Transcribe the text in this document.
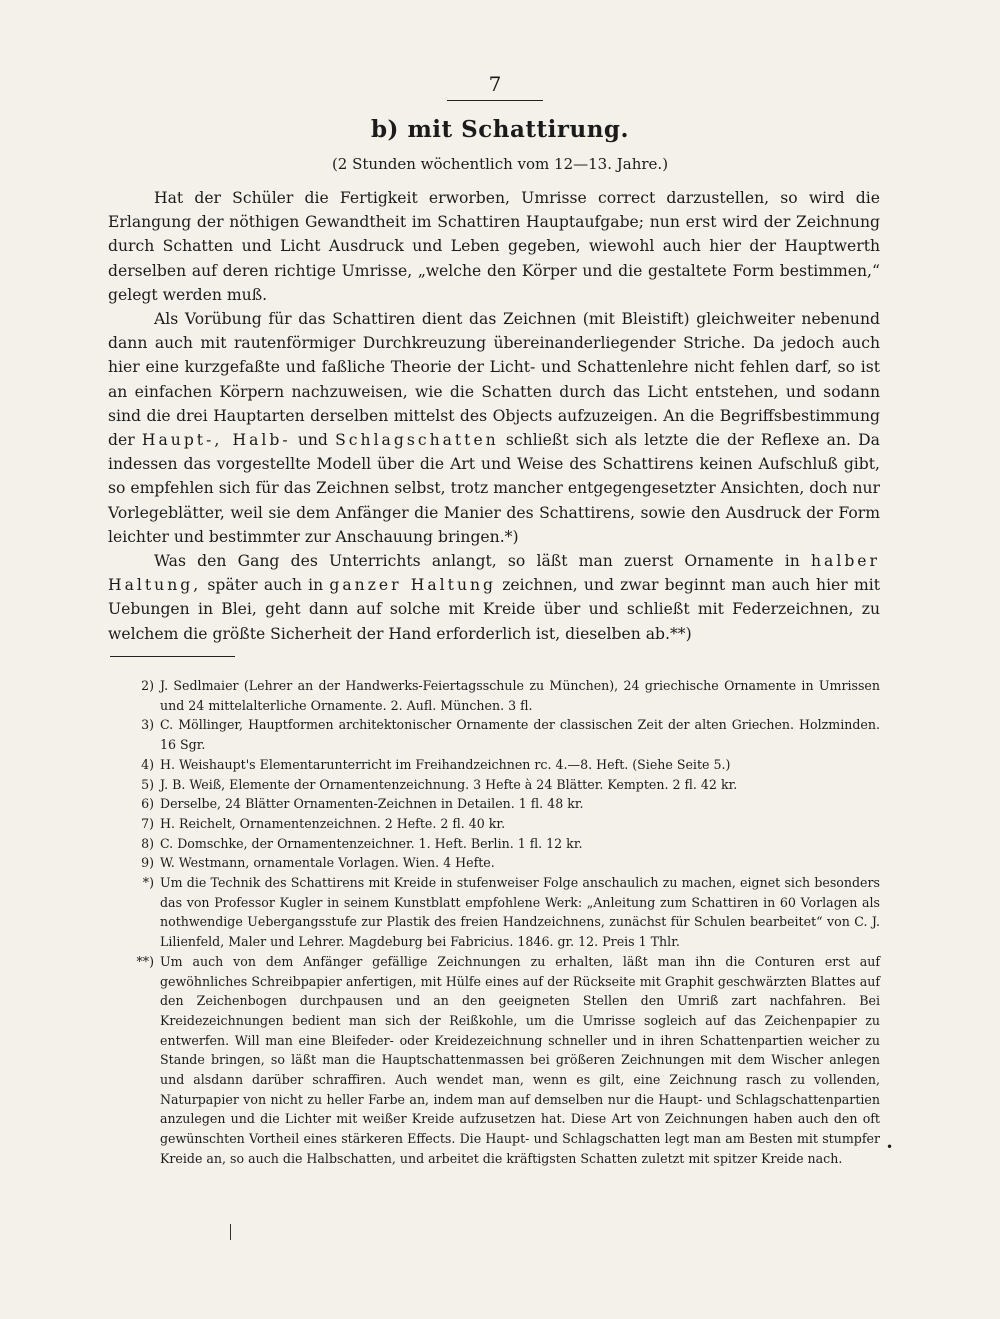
7
b) mit Schattirung.
(2 Stunden wöchentlich vom 12—13. Jahre.)

Hat der Schüler die Fertigkeit erworben, Umrisse correct darzustellen, so wird die Erlangung der nöthigen Gewandtheit im Schattiren Hauptaufgabe; nun erst wird der Zeichnung durch Schatten und Licht Ausdruck und Leben gegeben, wiewohl auch hier der Hauptwerth derselben auf deren richtige Umrisse, „welche den Körper und die gestaltete Form bestimmen,“ gelegt werden muß.

Als Vorübung für das Schattiren dient das Zeichnen (mit Bleistift) gleichweiter nebenund dann auch mit rautenförmiger Durchkreuzung übereinanderliegender Striche. Da jedoch auch hier eine kurzgefaßte und faßliche Theorie der Licht- und Schattenlehre nicht fehlen darf, so ist an einfachen Körpern nachzuweisen, wie die Schatten durch das Licht entstehen, und sodann sind die drei Hauptarten derselben mittelst des Objects aufzuzeigen. An die Begriffsbestimmung der Haupt-, Halb- und Schlagschatten schließt sich als letzte die der Reflexe an. Da indessen das vorgestellte Modell über die Art und Weise des Schattirens keinen Aufschluß gibt, so empfehlen sich für das Zeichnen selbst, trotz mancher entgegengesetzter Ansichten, doch nur Vorlegeblätter, weil sie dem Anfänger die Manier des Schattirens, sowie den Ausdruck der Form leichter und bestimmter zur Anschauung bringen.*)

Was den Gang des Unterrichts anlangt, so läßt man zuerst Ornamente in halber Haltung, später auch in ganzer Haltung zeichnen, und zwar beginnt man auch hier mit Uebungen in Blei, geht dann auf solche mit Kreide über und schließt mit Federzeichnen, zu welchem die größte Sicherheit der Hand erforderlich ist, dieselben ab.**)

2) J. Sedlmaier (Lehrer an der Handwerks-Feiertagsschule zu München), 24 griechische Ornamente in Umrissen und 24 mittelalterliche Ornamente. 2. Aufl. München. 3 fl.
3) C. Möllinger, Hauptformen architektonischer Ornamente der classischen Zeit der alten Griechen. Holzminden. 16 Sgr.
4) H. Weishaupt's Elementarunterricht im Freihandzeichnen rc. 4.—8. Heft. (Siehe Seite 5.)
5) J. B. Weiß, Elemente der Ornamentenzeichnung. 3 Hefte à 24 Blätter. Kempten. 2 fl. 42 kr.
6) Derselbe, 24 Blätter Ornamenten-Zeichnen in Detailen. 1 fl. 48 kr.
7) H. Reichelt, Ornamentenzeichnen. 2 Hefte. 2 fl. 40 kr.
8) C. Domschke, der Ornamentenzeichner. 1. Heft. Berlin. 1 fl. 12 kr.
9) W. Westmann, ornamentale Vorlagen. Wien. 4 Hefte.
*) Um die Technik des Schattirens mit Kreide in stufenweiser Folge anschaulich zu machen, eignet sich besonders das von Professor Kugler in seinem Kunstblatt empfohlene Werk: „Anleitung zum Schattiren in 60 Vorlagen als nothwendige Uebergangsstufe zur Plastik des freien Handzeichnens, zunächst für Schulen bearbeitet“ von C. J. Lilienfeld, Maler und Lehrer. Magdeburg bei Fabricius. 1846. gr. 12. Preis 1 Thlr.
**) Um auch von dem Anfänger gefällige Zeichnungen zu erhalten, läßt man ihn die Conturen erst auf gewöhnliches Schreibpapier anfertigen, mit Hülfe eines auf der Rückseite mit Graphit geschwärzten Blattes auf den Zeichenbogen durchpausen und an den geeigneten Stellen den Umriß zart nachfahren. Bei Kreidezeichnungen bedient man sich der Reißkohle, um die Umrisse sogleich auf das Zeichenpapier zu entwerfen. Will man eine Bleifeder- oder Kreidezeichnung schneller und in ihren Schattenpartien weicher zu Stande bringen, so läßt man die Hauptschattenmassen bei größeren Zeichnungen mit dem Wischer anlegen und alsdann darüber schraffiren. Auch wendet man, wenn es gilt, eine Zeichnung rasch zu vollenden, Naturpapier von nicht zu heller Farbe an, indem man auf demselben nur die Haupt- und Schlagschattenpartien anzulegen und die Lichter mit weißer Kreide aufzusetzen hat. Diese Art von Zeichnungen haben auch den oft gewünschten Vortheil eines stärkeren Effects. Die Haupt- und Schlagschatten legt man am Besten mit stumpfer Kreide an, so auch die Halbschatten, und arbeitet die kräftigsten Schatten zuletzt mit spitzer Kreide nach.
•
